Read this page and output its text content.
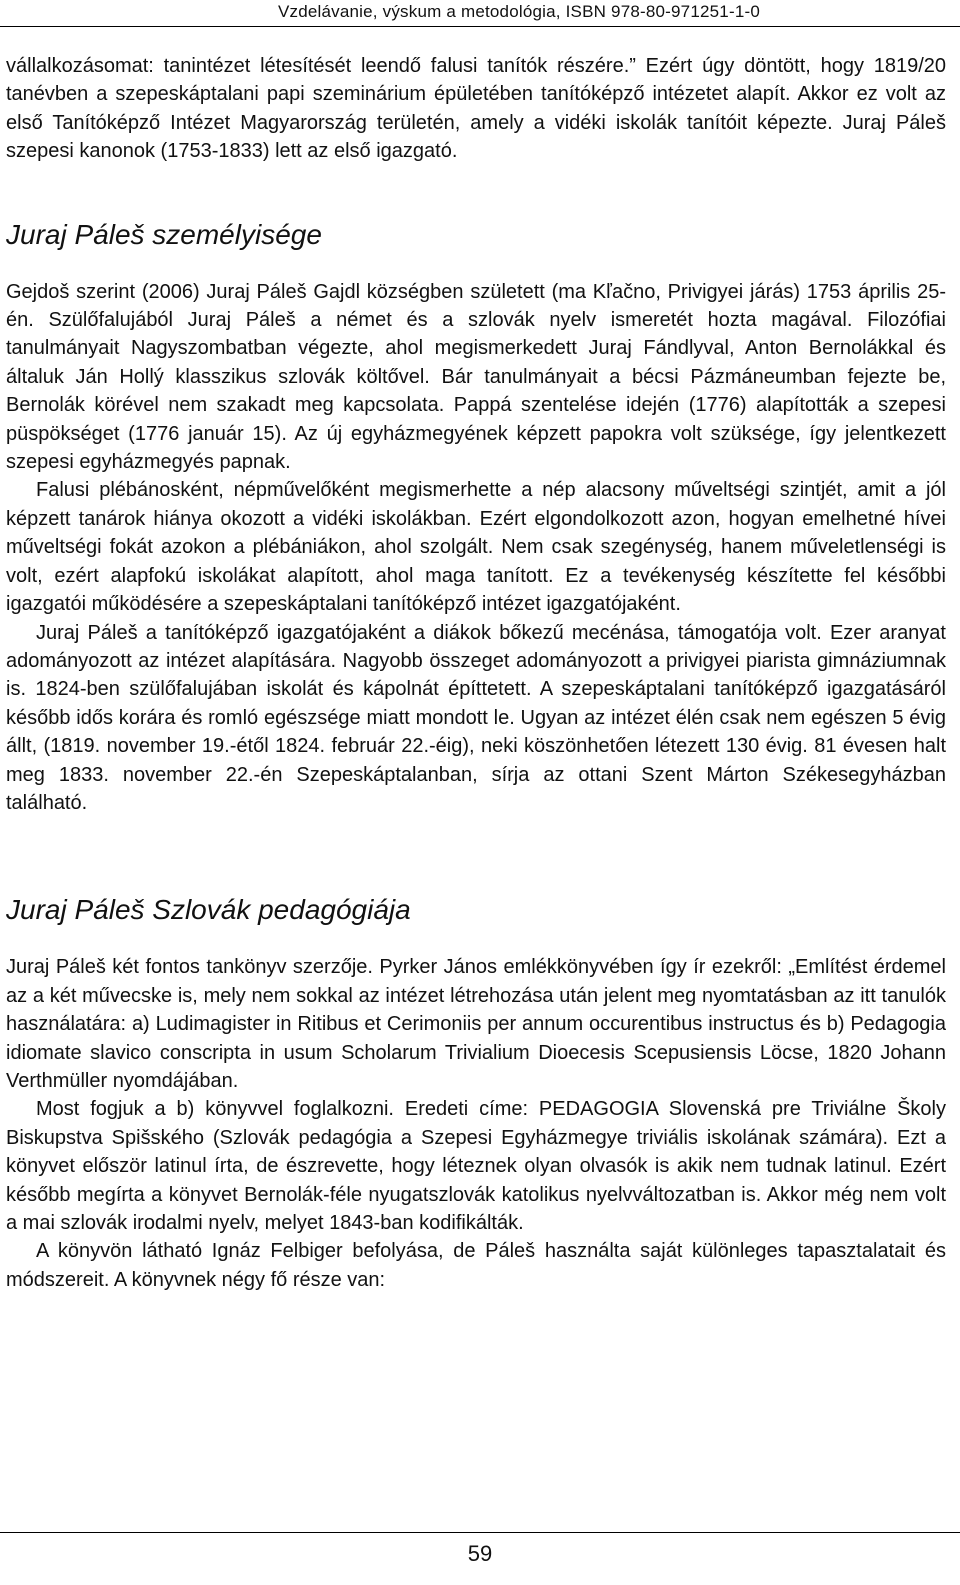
Vzdelávanie, výskum a metodológia, ISBN 978-80-971251-1-0

vállalkozásomat: tanintézet létesítését leendő falusi tanítók részére.” Ezért úgy döntött, hogy 1819/20 tanévben a szepeskáptalani papi szeminárium épületében tanítóképző intézetet alapít. Akkor ez volt az első Tanítóképző Intézet Magyarország területén, amely a vidéki iskolák tanítóit képezte. Juraj Páleš szepesi kanonok (1753-1833) lett az első igazgató.

Juraj Páleš személyisége

Gejdoš szerint (2006) Juraj Páleš Gajdl községben született (ma Kľačno, Privigyei járás) 1753 április 25-én. Szülőfalujából Juraj Páleš a német és a szlovák nyelv ismeretét hozta magával. Filozófiai tanulmányait Nagyszombatban végezte, ahol megismerkedett Juraj Fándlyval, Anton Bernolákkal és általuk Ján Hollý klasszikus szlovák költővel. Bár tanulmányait a bécsi Pázmáneumban fejezte be, Bernolák körével nem szakadt meg kapcsolata. Pappá szentelése idején (1776) alapították a szepesi püspökséget (1776 január 15). Az új egyházmegyének képzett papokra volt szüksége, így jelentkezett szepesi egyházmegyés papnak.

Falusi plébánosként, népművelőként megismerhette a nép alacsony műveltségi szintjét, amit a jól képzett tanárok hiánya okozott a vidéki iskolákban. Ezért elgondolkozott azon, hogyan emelhetné hívei műveltségi fokát azokon a plébániákon, ahol szolgált. Nem csak szegénység, hanem műveletlenségi is volt, ezért alapfokú iskolákat alapított, ahol maga tanított. Ez a tevékenység készítette fel későbbi igazgatói működésére a szepeskáptalani tanítóképző intézet igazgatójaként.

Juraj Páleš a tanítóképző igazgatójaként a diákok bőkezű mecénása, támogatója volt. Ezer aranyat adományozott az intézet alapítására. Nagyobb összeget adományozott a privigyei piarista gimnáziumnak is. 1824-ben szülőfalujában iskolát és kápolnát építtetett. A szepeskáptalani tanítóképző igazgatásáról később idős korára és romló egészsége miatt mondott le. Ugyan az intézet élén csak nem egészen 5 évig állt, (1819. november 19.-étől 1824. február 22.-éig), neki köszönhetően létezett 130 évig. 81 évesen halt meg 1833. november 22.-én Szepeskáptalanban, sírja az ottani Szent Márton Székesegyházban található.

Juraj Páleš Szlovák pedagógiája

Juraj Páleš két fontos tankönyv szerzője. Pyrker János emlékkönyvében így ír ezekről: „Említést érdemel az a két művecske is, mely nem sokkal az intézet létrehozása után jelent meg nyomtatásban az itt tanulók használatára: a) Ludimagister in Ritibus et Cerimoniis per annum occurentibus instructus és b) Pedagogia idiomate slavico conscripta in usum Scholarum Trivialium Dioecesis Scepusiensis Löcse, 1820 Johann Verthmüller nyomdájában.

Most fogjuk a b) könyvvel foglalkozni. Eredeti címe: PEDAGOGIA Slovenská pre Triviálne Školy Biskupstva Spišského (Szlovák pedagógia a Szepesi Egyházmegye triviális iskolának számára). Ezt a könyvet először latinul írta, de észrevette, hogy léteznek olyan olvasók is akik nem tudnak latinul. Ezért később megírta a könyvet Bernolák-féle nyugatszlovák katolikus nyelvváltozatban is. Akkor még nem volt a mai szlovák irodalmi nyelv, melyet 1843-ban kodifikálták.

A könyvön látható Ignáz Felbiger befolyása, de Páleš használta saját különleges tapasztalatait és módszereit. A könyvnek négy fő része van:

59
